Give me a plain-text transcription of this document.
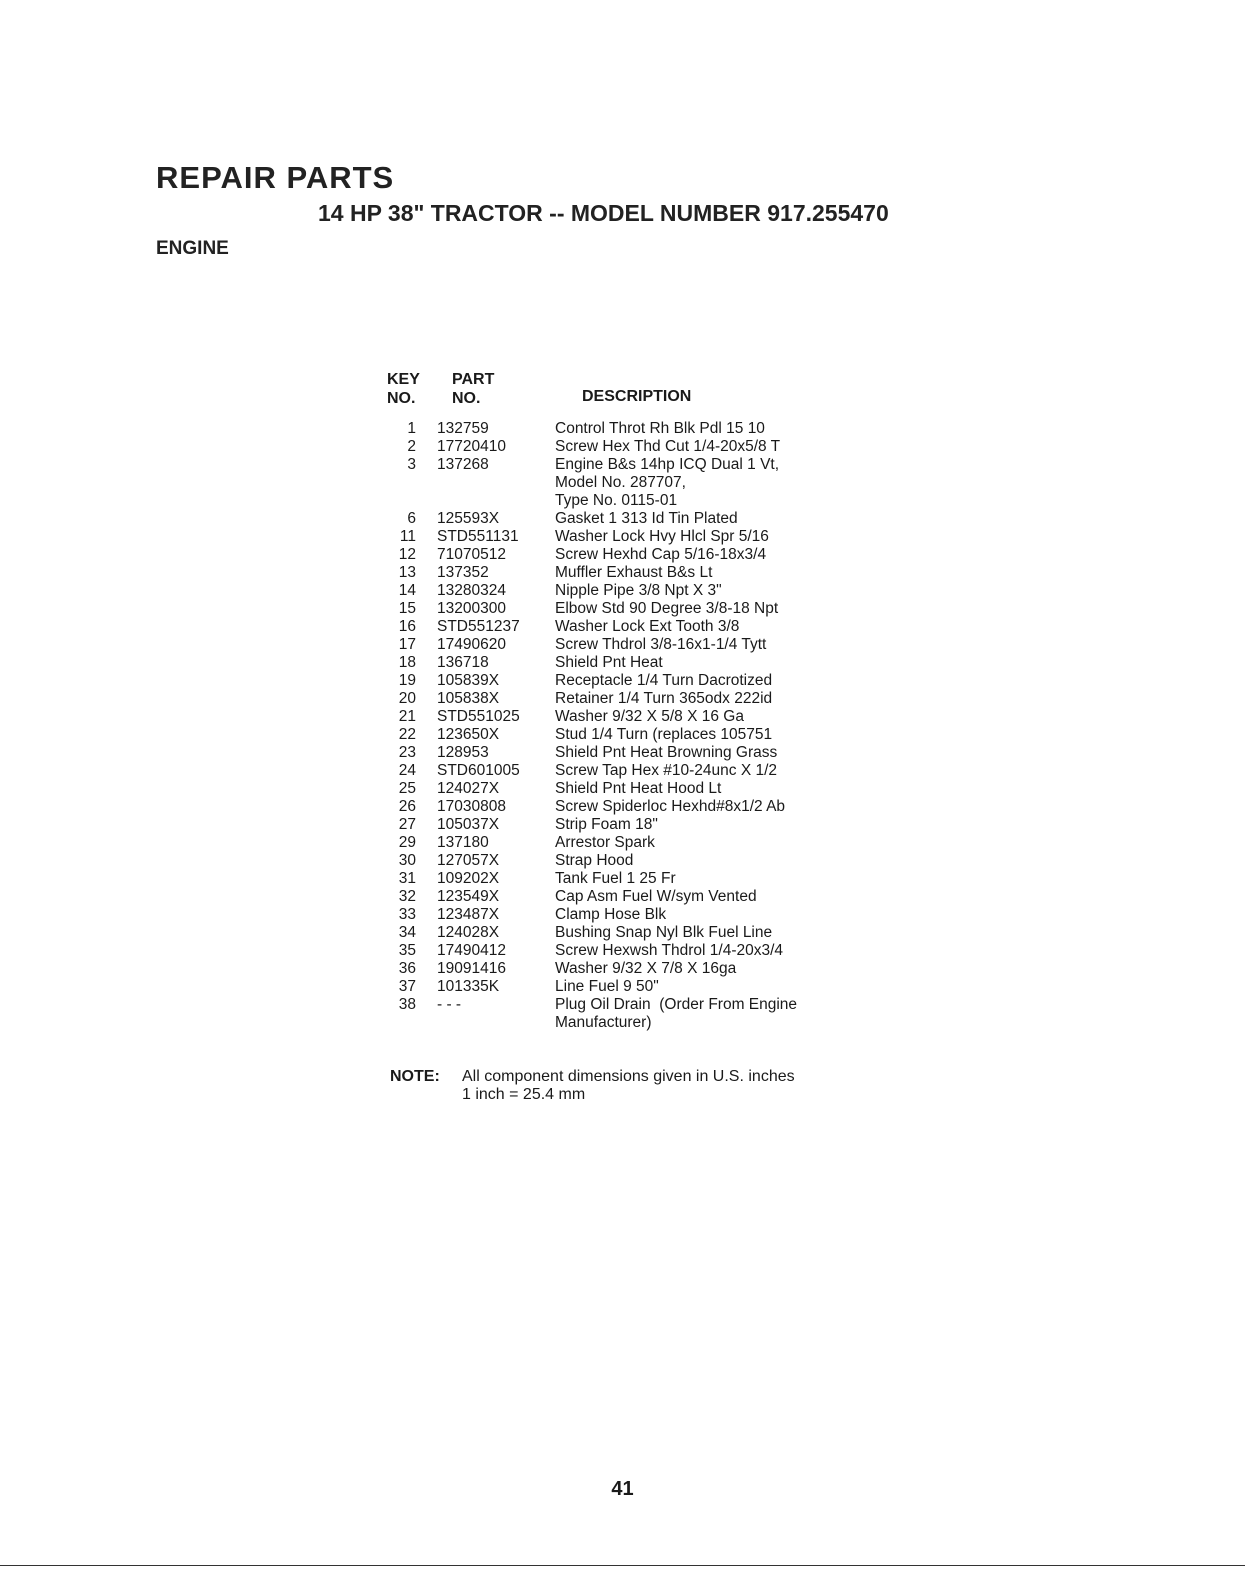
REPAIR PARTS
14 HP 38" TRACTOR -- MODEL NUMBER 917.255470
ENGINE
KEY
NO.
PART
NO.	DESCRIPTION
1	132759	Control Throt Rh Blk Pdl 15 10
2	17720410	Screw Hex Thd Cut 1/4-20x5/8 T
3	137268	Engine B&s 14hp ICQ Dual 1 Vt,
Model No. 287707,
Type No. 0115-01
6	125593X	Gasket 1 313 Id Tin Plated
11	STD551131	Washer Lock Hvy Hlcl Spr 5/16
12	71070512	Screw Hexhd Cap 5/16-18x3/4
13	137352	Muffler Exhaust B&s Lt
14	13280324	Nipple Pipe 3/8 Npt X 3"
15	13200300	Elbow Std 90 Degree 3/8-18 Npt
16	STD551237	Washer Lock Ext Tooth 3/8
17	17490620	Screw Thdrol 3/8-16x1-1/4 Tytt
18	136718	Shield Pnt Heat
19	105839X	Receptacle 1/4 Turn Dacrotized
20	105838X	Retainer 1/4 Turn 365odx 222id
21	STD551025	Washer 9/32 X 5/8 X 16 Ga
22	123650X	Stud 1/4 Turn (replaces 105751
23	128953	Shield Pnt Heat Browning Grass
24	STD601005	Screw Tap Hex #10-24unc X 1/2
25	124027X	Shield Pnt Heat Hood Lt
26	17030808	Screw Spiderloc Hexhd#8x1/2 Ab
27	105037X	Strip Foam 18"
29	137180	Arrestor Spark
30	127057X	Strap Hood
31	109202X	Tank Fuel 1 25 Fr
32	123549X	Cap Asm Fuel W/sym Vented
33	123487X	Clamp Hose Blk
34	124028X	Bushing Snap Nyl Blk Fuel Line
35	17490412	Screw Hexwsh Thdrol 1/4-20x3/4
36	19091416	Washer 9/32 X 7/8 X 16ga
37	101335K	Line Fuel 9 50"
38	- - -	Plug Oil Drain  (Order From Engine
Manufacturer)
NOTE: All component dimensions given in U.S. inches
1 inch = 25.4 mm
41
